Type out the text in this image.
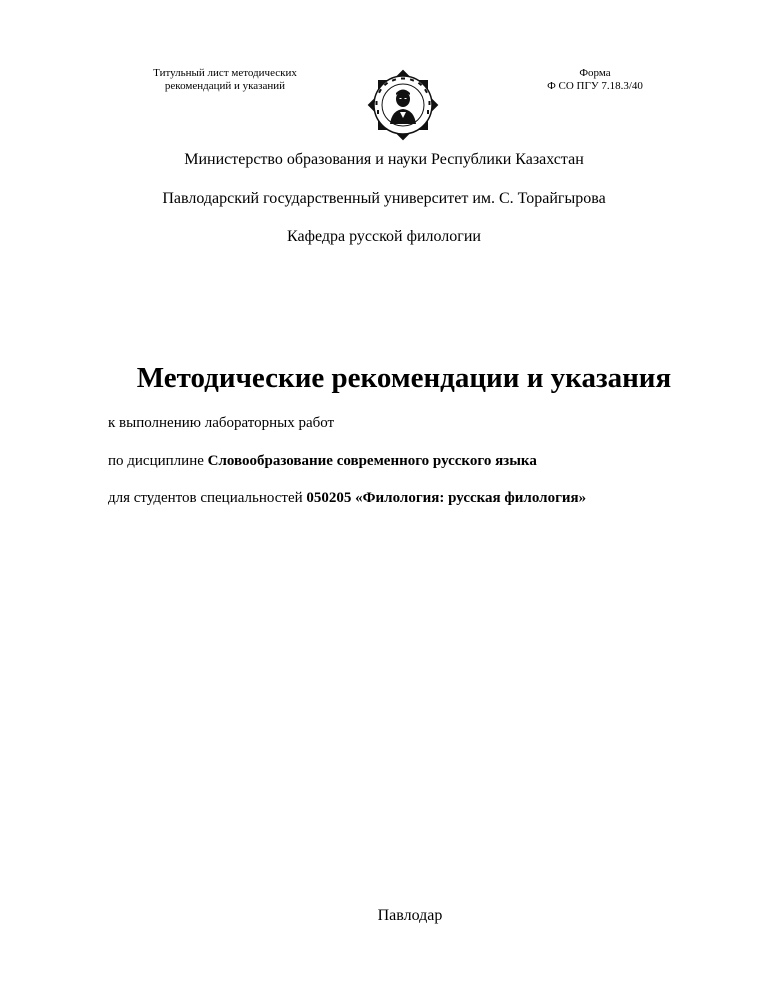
Титульный лист методических
рекомендаций и указаний
Форма
Ф СО ПГУ 7.18.3/40
Министерство образования и науки Республики Казахстан
Павлодарский государственный университет им. С. Торайгырова
Кафедра русской филологии
Методические рекомендации и указания
к выполнению лабораторных работ
по дисциплине Словообразование современного русского языка
для студентов специальностей 050205 «Филология: русская филология»
Павлодар
